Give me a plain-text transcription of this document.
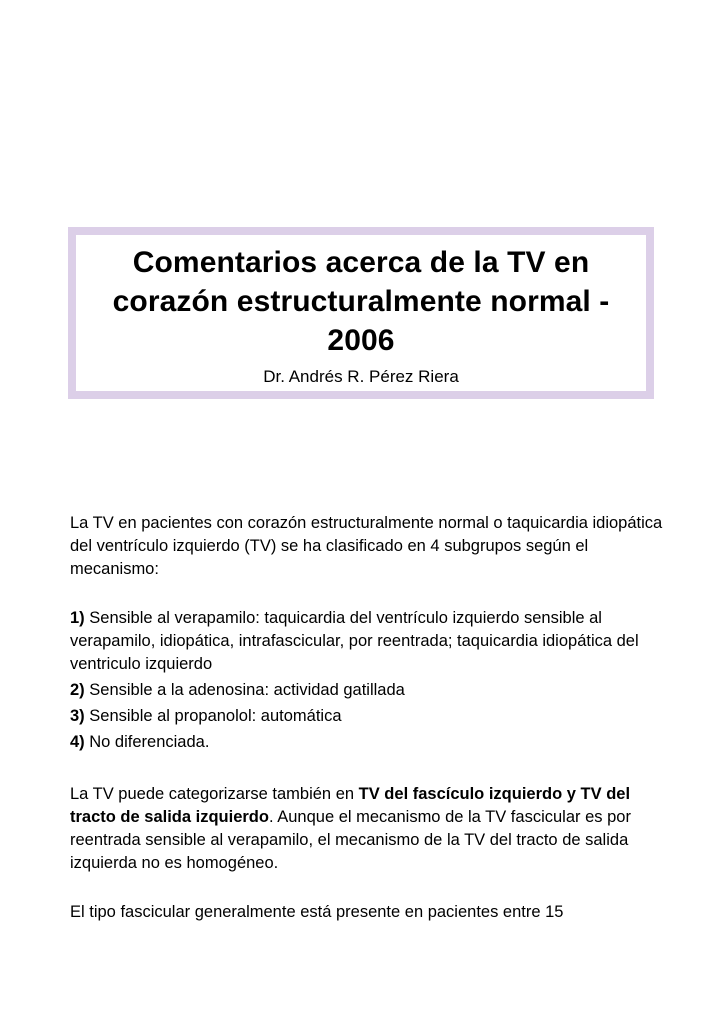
Comentarios acerca de la TV en corazón estructuralmente normal - 2006
Dr. Andrés R. Pérez Riera

La TV en pacientes con corazón estructuralmente normal o taquicardia idiopática del ventrículo izquierdo (TV) se ha clasificado en 4 subgrupos según el mecanismo:

1) Sensible al verapamilo: taquicardia del ventrículo izquierdo sensible al verapamilo, idiopática, intrafascicular, por reentrada; taquicardia idiopática del ventriculo izquierdo
2) Sensible a la adenosina: actividad gatillada
3) Sensible al propanolol: automática
4) No diferenciada.

La TV puede categorizarse también en TV del fascículo izquierdo y TV del tracto de salida izquierdo. Aunque el mecanismo de la TV fascicular es por reentrada sensible al verapamilo, el mecanismo de la TV del tracto de salida izquierda no es homogéneo.

El tipo fascicular generalmente está presente en pacientes entre 15
